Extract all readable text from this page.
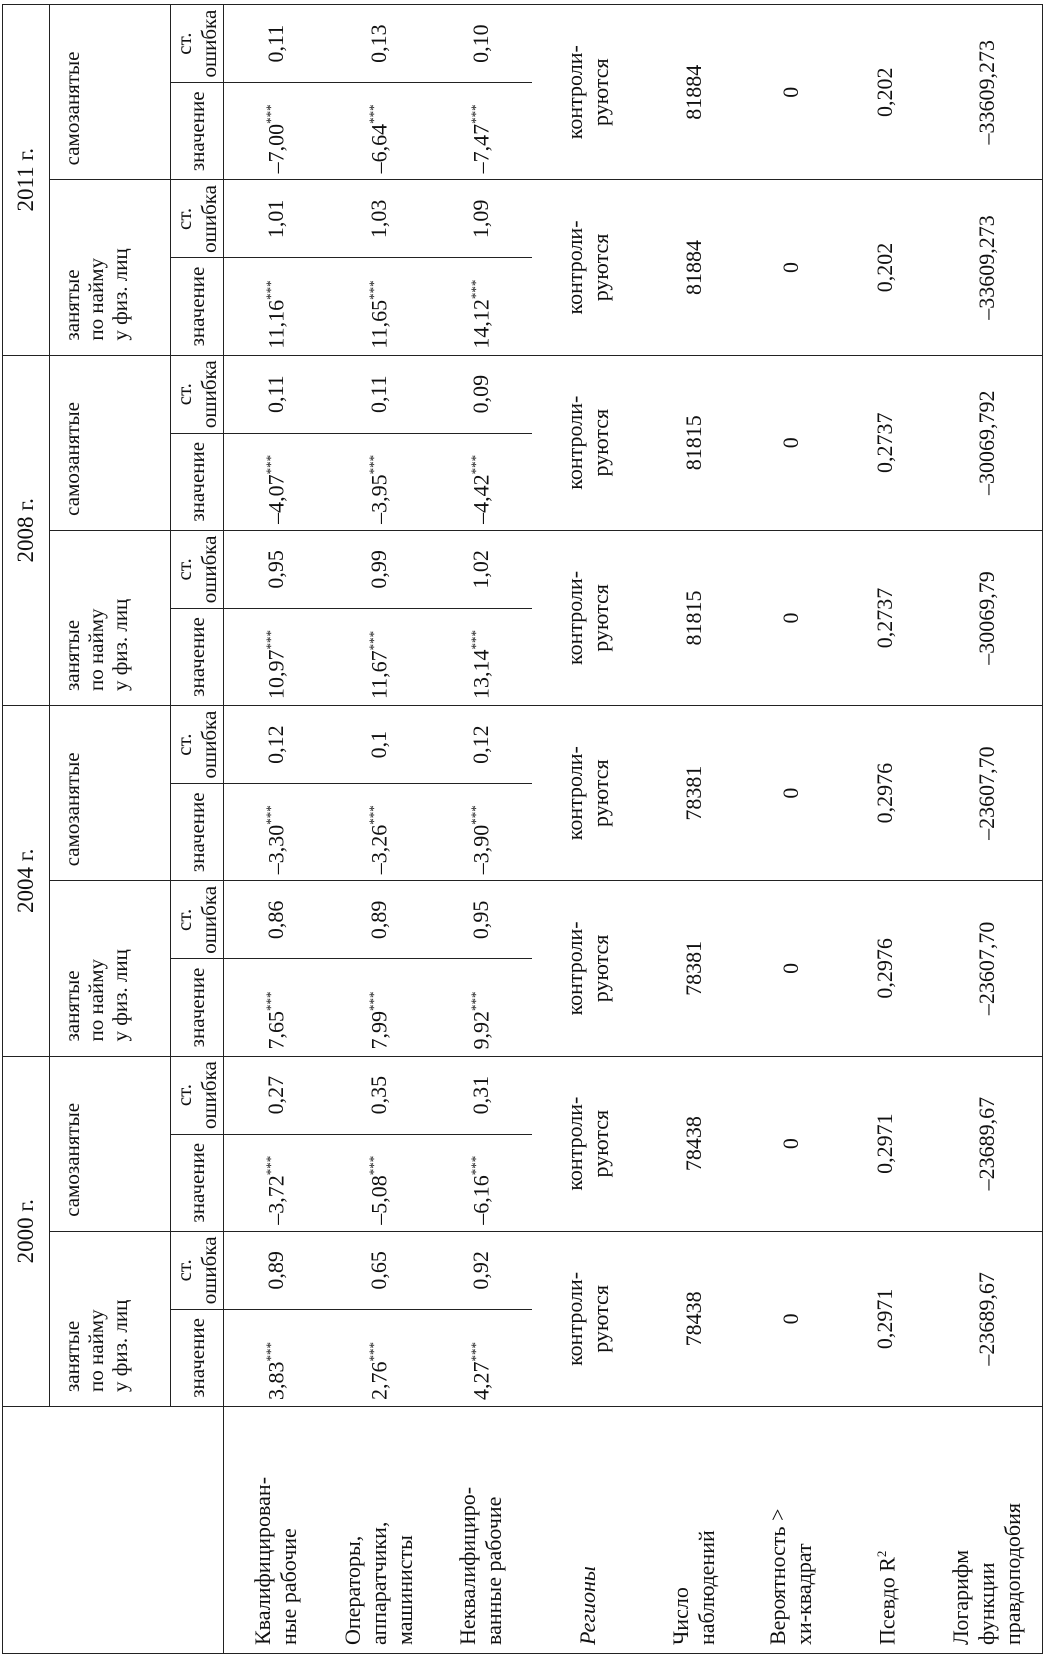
	2000 г.				2004 г.				2008 г.				2011 г.			
	занятые
по найму
у физ. лиц		самозанятые		занятые
по найму
у физ. лиц		самозанятые		занятые
по найму
у физ. лиц		самозанятые		занятые
по найму
у физ. лиц		самозанятые	
	значение	ст. ошибка	значение	ст. ошибка	значение	ст. ошибка	значение	ст. ошибка	значение	ст. ошибка	значение	ст. ошибка	значение	ст. ошибка	значение	ст. ошибка
Квалифицирован-
ные рабочие	3,83***	0,89	–3,72***	0,27	7,65***	0,86	–3,30***	0,12	10,97***	0,95	–4,07***	0,11	11,16***	1,01	–7,00***	0,11
Операторы,
аппаратчики,
машинисты	2,76***	0,65	–5,08***	0,35	7,99***	0,89	–3,26***	0,1	11,67***	0,99	–3,95***	0,11	11,65***	1,03	–6,64***	0,13
Неквалифициро-
ванные рабочие	4,27***	0,92	–6,16***	0,31	9,92***	0,95	–3,90***	0,12	13,14***	1,02	–4,42***	0,09	14,12***	1,09	–7,47***	0,10
Регионы	контроли-
руются		контроли-
руются		контроли-
руются		контроли-
руются		контроли-
руются		контроли-
руются		контроли-
руются		контроли-
руются	
Число
наблюдений	78438		78438		78381		78381		81815		81815		81884		81884	
Вероятность >
хи-квадрат	0		0		0		0		0		0		0		0	
Псевдо $R^2$	0,2971		0,2971		0,2976		0,2976		0,2737		0,2737		0,202		0,202	
Логарифм
функции
правдоподобия	–23689,67		–23689,67		–23607,70		–23607,70		–30069,79		–30069,792		–33609,273		–33609,273	
